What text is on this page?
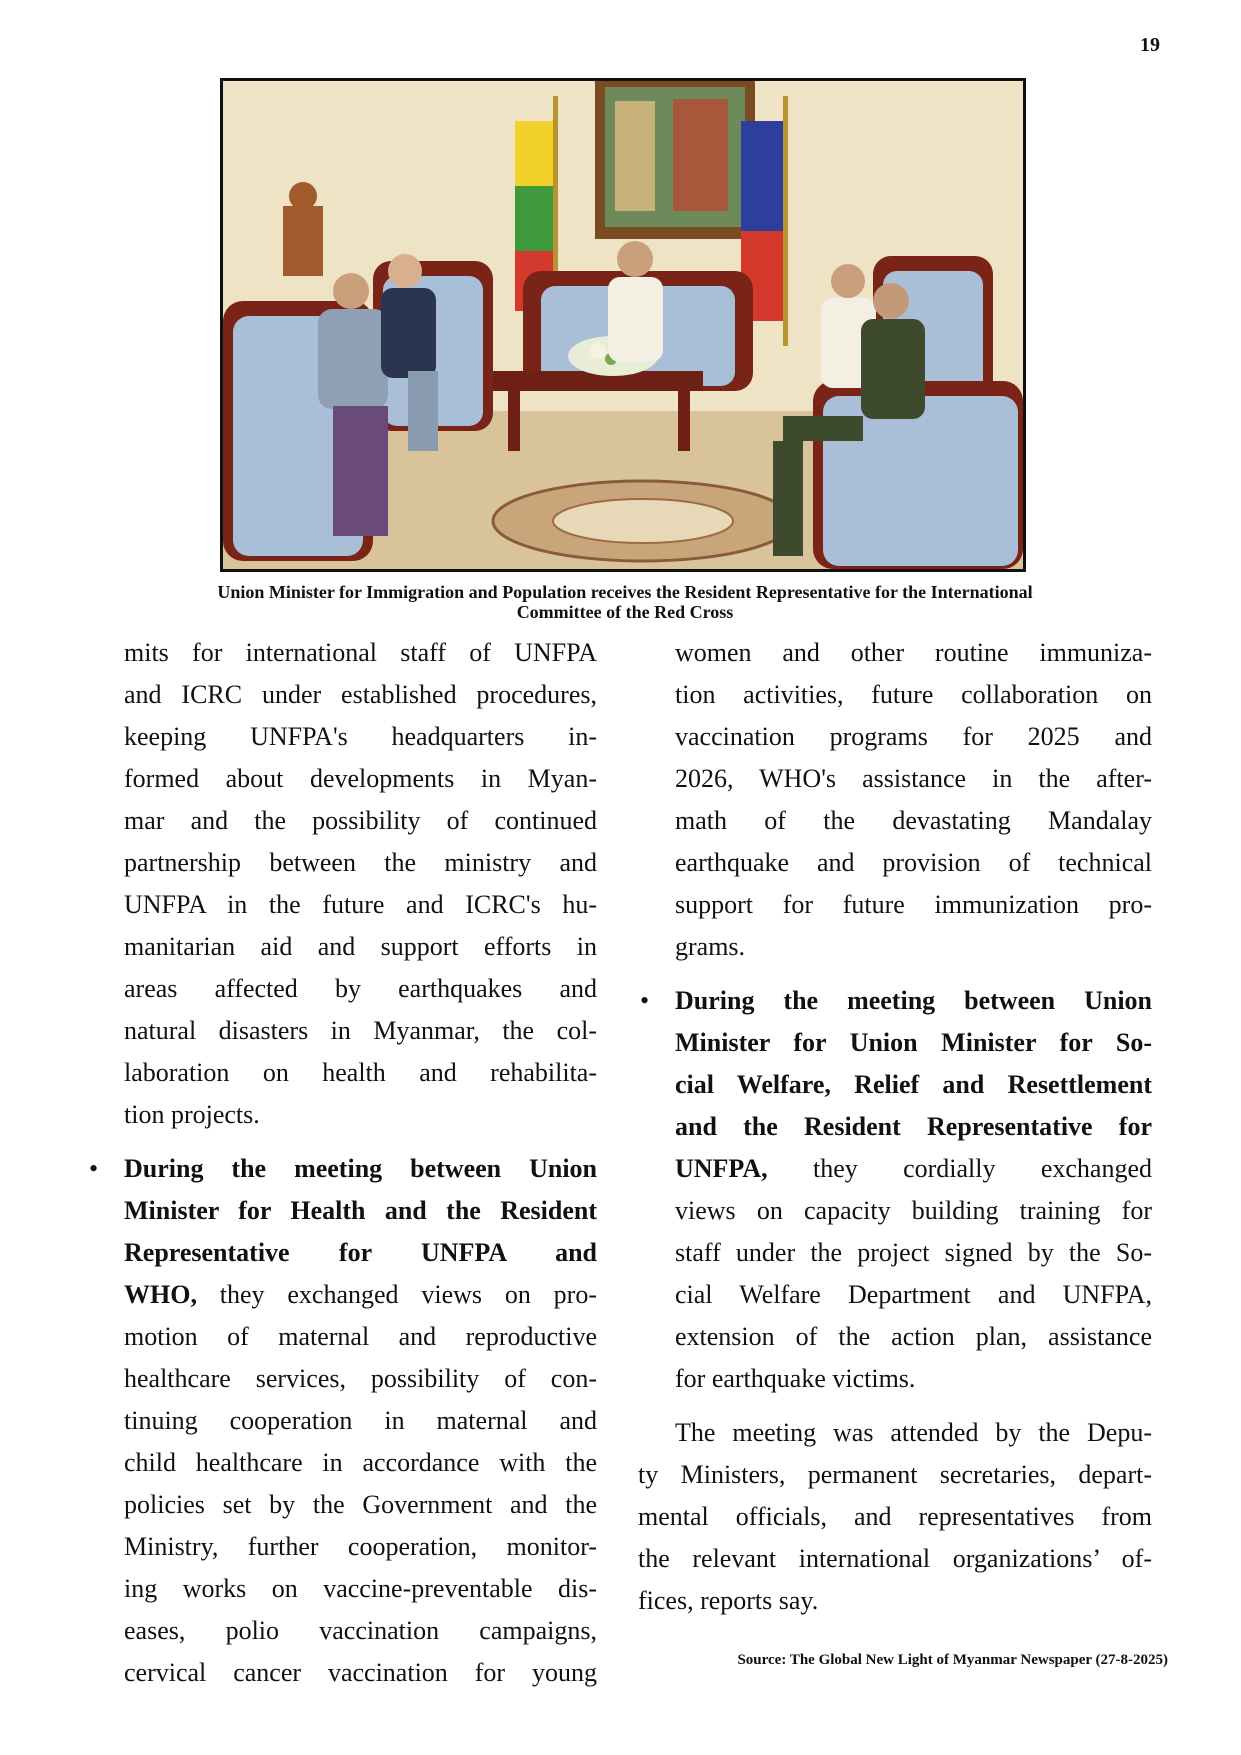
19
Union Minister for Immigration and Population receives the Resident Representative for the International
Committee of the Red Cross
mits for international staff of UNFPA
and ICRC under established procedures,
keeping UNFPA's headquarters in-
formed about developments in Myan-
mar and the possibility of continued
partnership between the ministry and
UNFPA in the future and ICRC's hu-
manitarian aid and support efforts in
areas affected by earthquakes and
natural disasters in Myanmar, the col-
laboration on health and rehabilita-
tion projects.
• During the meeting between Union
Minister for Health and the Resident
Representative for UNFPA and
WHO, they exchanged views on pro-
motion of maternal and reproductive
healthcare services, possibility of con-
tinuing cooperation in maternal and
child healthcare in accordance with the
policies set by the Government and the
Ministry, further cooperation, monitor-
ing works on vaccine-preventable dis-
eases, polio vaccination campaigns,
cervical cancer vaccination for young
women and other routine immuniza-
tion activities, future collaboration on
vaccination programs for 2025 and
2026, WHO's assistance in the after-
math of the devastating Mandalay
earthquake and provision of technical
support for future immunization pro-
grams.
• During the meeting between Union
Minister for Union Minister for So-
cial Welfare, Relief and Resettlement
and the Resident Representative for
UNFPA, they cordially exchanged
views on capacity building training for
staff under the project signed by the So-
cial Welfare Department and UNFPA,
extension of the action plan, assistance
for earthquake victims.
The meeting was attended by the Depu-
ty Ministers, permanent secretaries, depart-
mental officials, and representatives from
the relevant international organizations’ of-
fices, reports say.
Source: The Global New Light of Myanmar Newspaper (27-8-2025)
